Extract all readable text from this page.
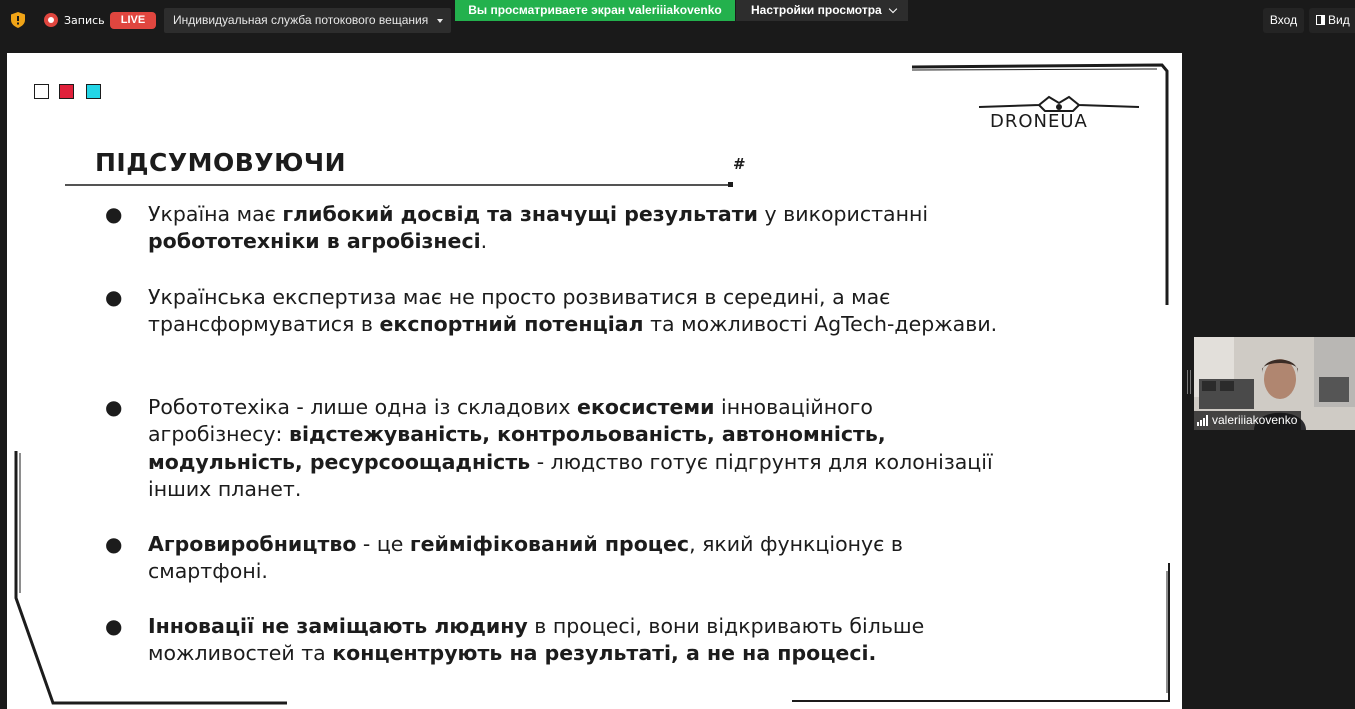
Запись	LIVE	Индивидуальная служба потокового вещания
Вы просматриваете экран valeriiiakovenko	Настройки просмотра
Вход	Вид
DRONEUA
ПІДСУМОВУЮЧИ	#
● Україна має глибокий досвід та значущі результати у використанні робототехніки в агробізнесі.
● Українська експертиза має не просто розвиватися в середині, а має трансформуватися в експортний потенціал та можливості AgTech-держави.
● Робототехіка - лише одна із складових екосистеми інноваційного агробізнесу: відстежуваність, контрольованість, автономність, модульність, ресурсоощадність - людство готує підгрунтя для колонізації інших планет.
● Агровиробництво - це гейміфікований процес, який функціонує в смартфоні.
● Інновації не заміщають людину в процесі, вони відкривають більше можливостей та концентрують на результаті, а не на процесі.
valeriiiakovenko
